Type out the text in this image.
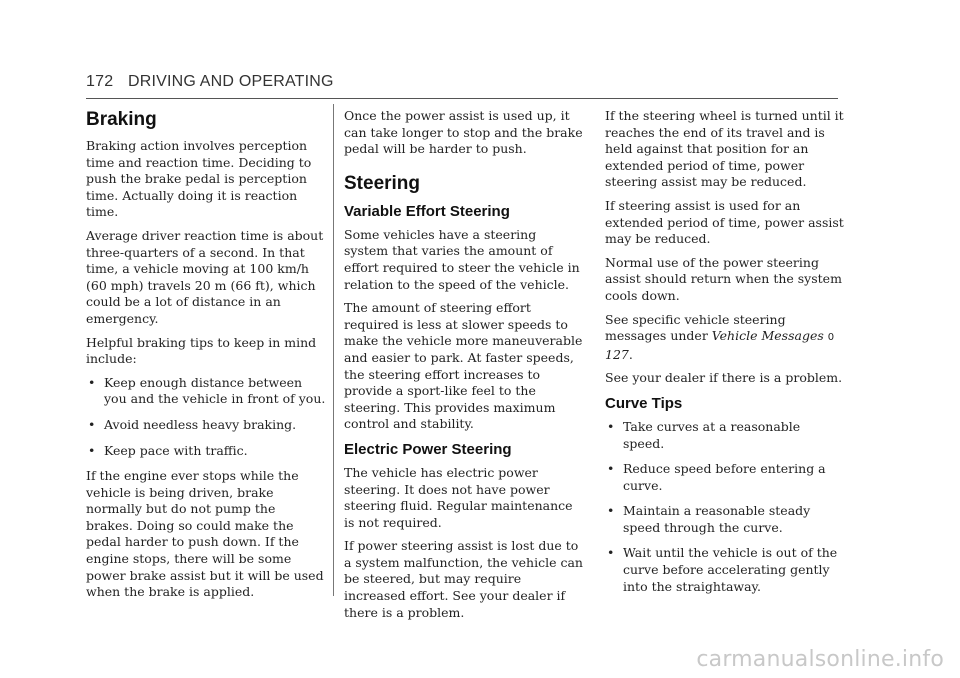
172 DRIVING AND OPERATING
Braking

Braking action involves perception time and reaction time. Deciding to push the brake pedal is perception time. Actually doing it is reaction time.

Average driver reaction time is about three-quarters of a second. In that time, a vehicle moving at 100 km/h (60 mph) travels 20 m (66 ft), which could be a lot of distance in an emergency.

Helpful braking tips to keep in mind include:

• Keep enough distance between you and the vehicle in front of you.
• Avoid needless heavy braking.
• Keep pace with traffic.

If the engine ever stops while the vehicle is being driven, brake normally but do not pump the brakes. Doing so could make the pedal harder to push down. If the engine stops, there will be some power brake assist but it will be used when the brake is applied.

Once the power assist is used up, it can take longer to stop and the brake pedal will be harder to push.

Steering
Variable Effort Steering

Some vehicles have a steering system that varies the amount of effort required to steer the vehicle in relation to the speed of the vehicle.

The amount of steering effort required is less at slower speeds to make the vehicle more maneuverable and easier to park. At faster speeds, the steering effort increases to provide a sport-like feel to the steering. This provides maximum control and stability.

Electric Power Steering

The vehicle has electric power steering. It does not have power steering fluid. Regular maintenance is not required.

If power steering assist is lost due to a system malfunction, the vehicle can be steered, but may require increased effort. See your dealer if there is a problem.

If the steering wheel is turned until it reaches the end of its travel and is held against that position for an extended period of time, power steering assist may be reduced.

If steering assist is used for an extended period of time, power assist may be reduced.

Normal use of the power steering assist should return when the system cools down.

See specific vehicle steering messages under Vehicle Messages 0 127.

See your dealer if there is a problem.

Curve Tips
• Take curves at a reasonable speed.
• Reduce speed before entering a curve.
• Maintain a reasonable steady speed through the curve.
• Wait until the vehicle is out of the curve before accelerating gently into the straightaway.
carmanualsonline.info
